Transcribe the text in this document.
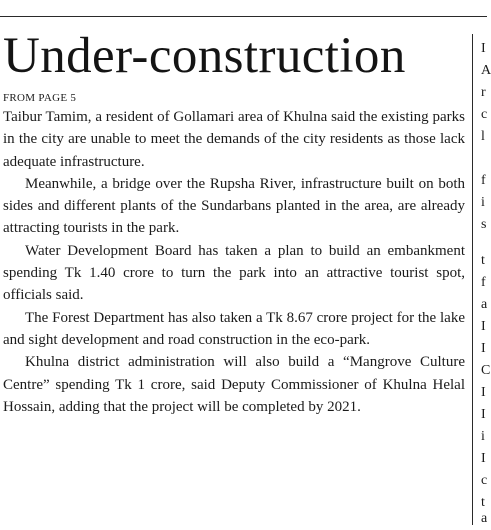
Under-construction
FROM PAGE 5

Taibur Tamim, a resident of Gollamari area of Khulna said the existing parks in the city are unable to meet the demands of the city residents as those lack adequate infrastructure.

Meanwhile, a bridge over the Rupsha River, infrastructure built on both sides and different plants of the Sundarbans planted in the area, are already attracting tourists in the park.

Water Development Board has taken a plan to build an embankment spending Tk 1.40 crore to turn the park into an attractive tourist spot, officials said.

The Forest Department has also taken a Tk 8.67 crore project for the lake and sight development and road construction in the eco-park.

Khulna district administration will also build a “Mangrove Culture Centre” spending Tk 1 crore, said Deputy Commissioner of Khulna Helal Hossain, adding that the project will be completed by 2021.

I
A
r
c
l
f
i
s
t
f
a
I
I
C
I
I
i
I
c
t
a
